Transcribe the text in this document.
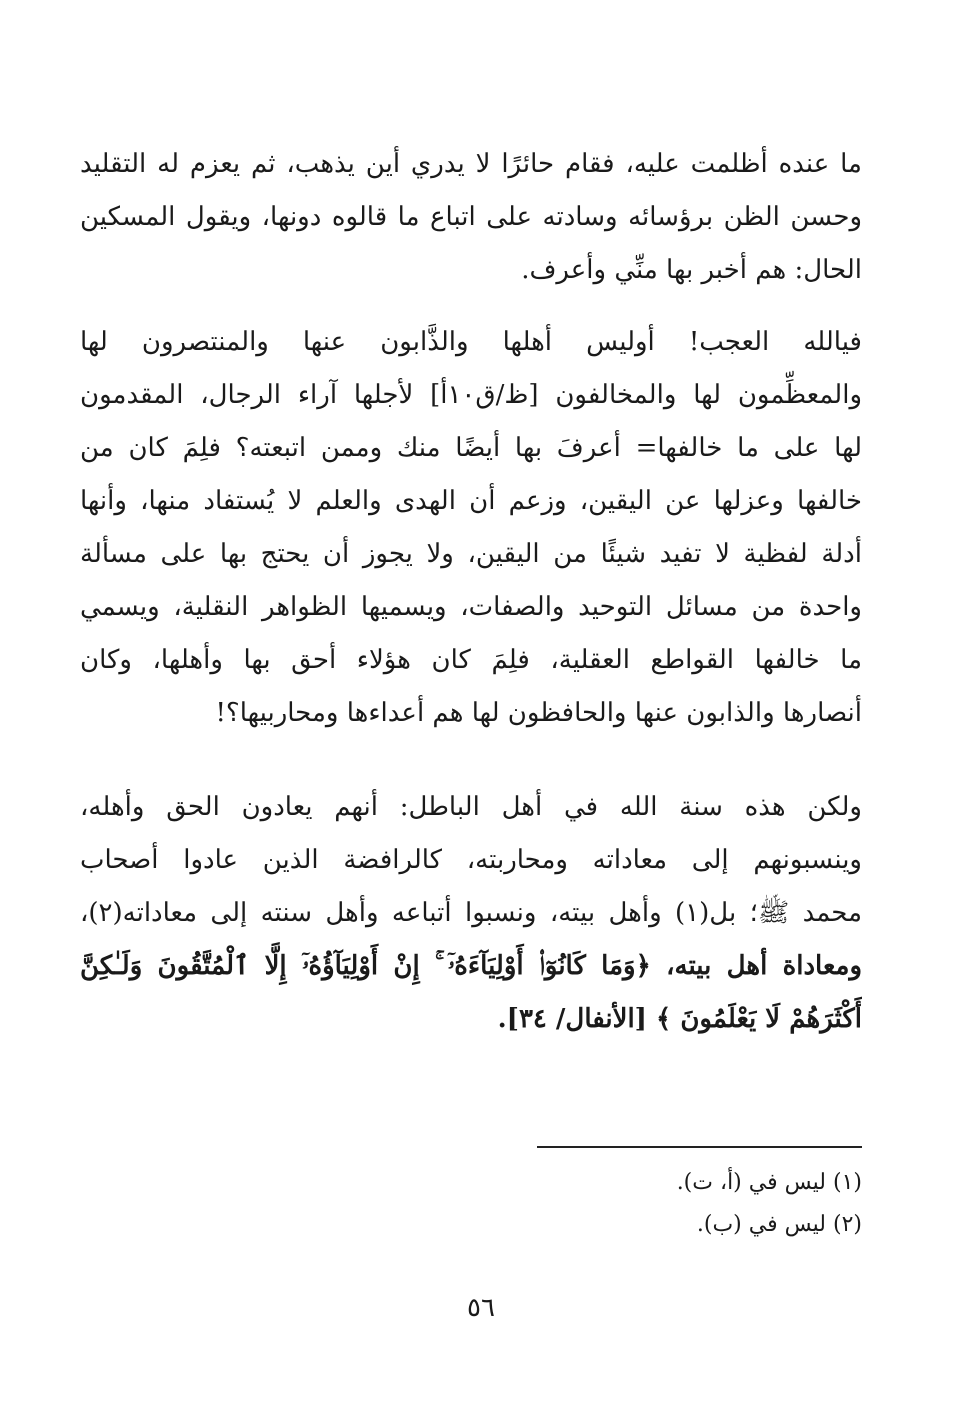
ما عنده أظلمت عليه، فقام حائرًا لا يدري أين يذهب، ثم يعزم له التقليد
وحسن الظن برؤسائه وسادته على اتباع ما قالوه دونها، ويقول المسكين
الحال: هم أخبر بها منِّي وأعرف.
فيالله العجب! أوليس أهلها والذَّابون عنها والمنتصرون لها
والمعظِّمون لها والمخالفون [ظ/ق١٠أ] لأجلها آراء الرجال، المقدمون
لها على ما خالفها= أعرفَ بها أيضًا منك وممن اتبعته؟ فلِمَ كان من
خالفها وعزلها عن اليقين، وزعم أن الهدى والعلم لا يُستفاد منها، وأنها
أدلة لفظية لا تفيد شيئًا من اليقين، ولا يجوز أن يحتج بها على مسألة
واحدة من مسائل التوحيد والصفات، ويسميها الظواهر النقلية، ويسمي
ما خالفها القواطع العقلية، فلِمَ كان هؤلاء أحق بها وأهلها، وكان
أنصارها والذابون عنها والحافظون لها هم أعداءها ومحاربيها؟!
ولكن هذه سنة الله في أهل الباطل: أنهم يعادون الحق وأهله،
وينسبونهم إلى معاداته ومحاربته، كالرافضة الذين عادوا أصحاب
محمد ﷺ؛ بل(١) وأهل بيته، ونسبوا أتباعه وأهل سنته إلى معاداته(٢)،
ومعاداة أهل بيته، ﴿وَمَا كَانُوٓا۟ أَوْلِيَآءَهُۥٓ ۚ إِنْ أَوْلِيَآؤُهُۥٓ إِلَّا ٱلْمُتَّقُونَ وَلَـٰكِنَّ
أَكْثَرَهُمْ لَا يَعْلَمُونَ ﴾ [الأنفال/ ٣٤].
(١) ليس في (أ، ت).
(٢) ليس في (ب).
٥٦
